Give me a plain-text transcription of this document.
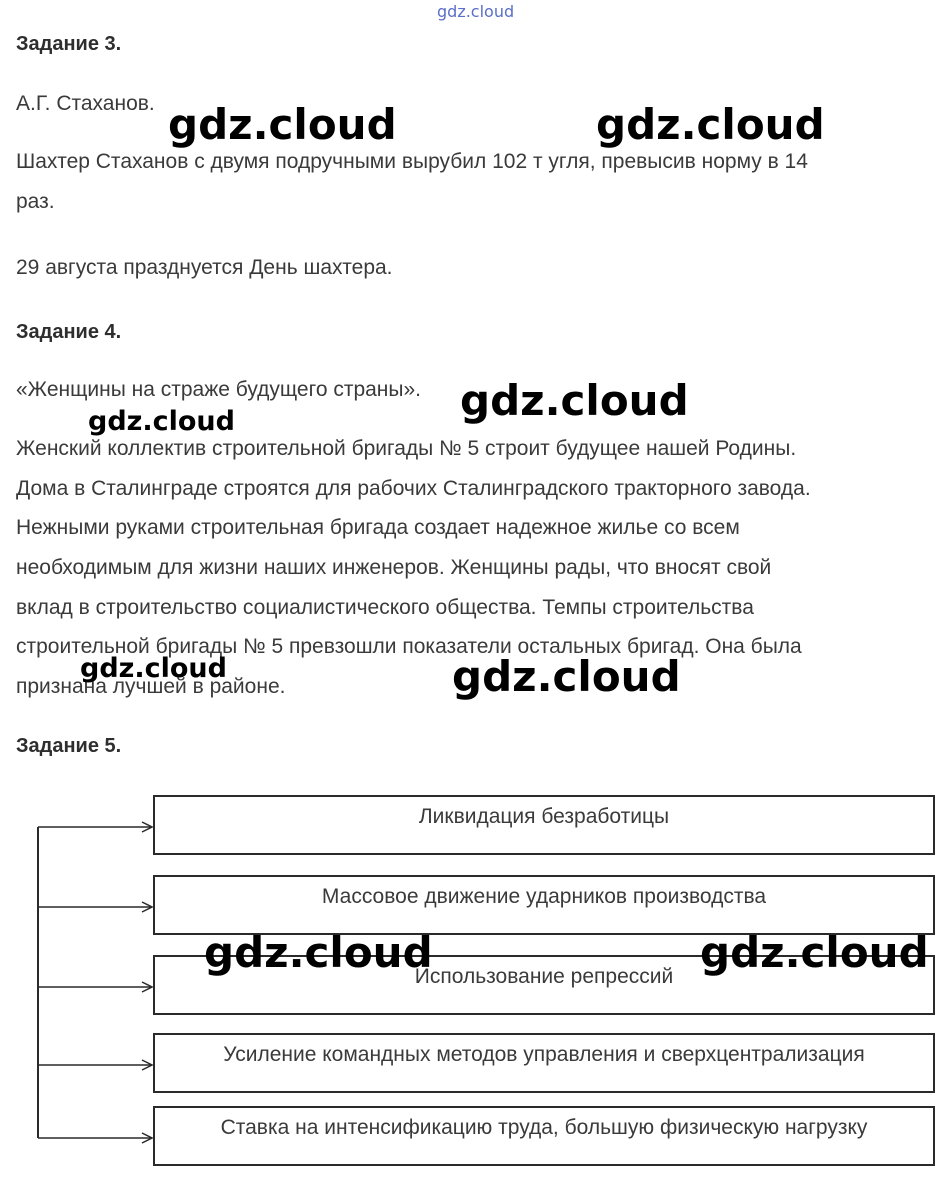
gdz.cloud
Задание 3.

А.Г. Стаханов.

Шахтер Стаханов с двумя подручными вырубил 102 т угля, превысив норму в 14

раз.

29 августа празднуется День шахтера.

Задание 4.

«Женщины на страже будущего страны».

Женский коллектив строительной бригады № 5 строит будущее нашей Родины.

Дома в Сталинграде строятся для рабочих Сталинградского тракторного завода.

Нежными руками строительная бригада создает надежное жилье со всем

необходимым для жизни наших инженеров. Женщины рады, что вносят свой

вклад в строительство социалистического общества. Темпы строительства

строительной бригады № 5 превзошли показатели остальных бригад. Она была

признана лучшей в районе.

Задание 5.
Ликвидация безработицы
Массовое движение ударников производства
Использование репрессий
Усиление командных методов управления и сверхцентрализация
Ставка на интенсификацию труда, большую физическую нагрузку
gdz.cloud	gdz.cloud
gdz.cloud
gdz.cloud
gdz.cloud	gdz.cloud
gdz.cloud	gdz.cloud
